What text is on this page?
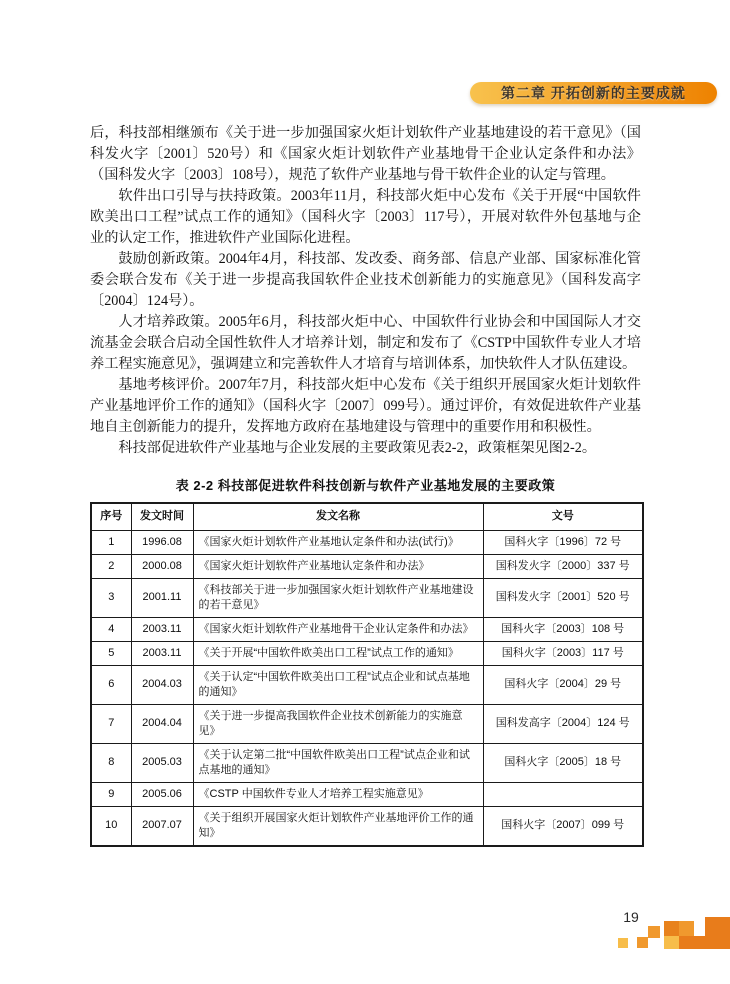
第二章 开拓创新的主要成就

后，科技部相继颁布《关于进一步加强国家火炬计划软件产业基地建设的若干意见》（国科发火字〔2001〕520号）和《国家火炬计划软件产业基地骨干企业认定条件和办法》（国科发火字〔2003〕108号），规范了软件产业基地与骨干软件企业的认定与管理。

软件出口引导与扶持政策。2003年11月，科技部火炬中心发布《关于开展“中国软件欧美出口工程”试点工作的通知》（国科火字〔2003〕117号），开展对软件外包基地与企业的认定工作，推进软件产业国际化进程。

鼓励创新政策。2004年4月，科技部、发改委、商务部、信息产业部、国家标准化管委会联合发布《关于进一步提高我国软件企业技术创新能力的实施意见》（国科发高字〔2004〕124号）。

人才培养政策。2005年6月，科技部火炬中心、中国软件行业协会和中国国际人才交流基金会联合启动全国性软件人才培养计划，制定和发布了《CSTP中国软件专业人才培养工程实施意见》，强调建立和完善软件人才培育与培训体系，加快软件人才队伍建设。

基地考核评价。2007年7月，科技部火炬中心发布《关于组织开展国家火炬计划软件产业基地评价工作的通知》（国科火字〔2007〕099号）。通过评价，有效促进软件产业基地自主创新能力的提升，发挥地方政府在基地建设与管理中的重要作用和积极性。

科技部促进软件产业基地与企业发展的主要政策见表2-2，政策框架见图2-2。

表 2-2 科技部促进软件科技创新与软件产业基地发展的主要政策
序号	发文时间	发文名称	文号
1	1996.08	《国家火炬计划软件产业基地认定条件和办法(试行)》	国科火字〔1996〕72 号
2	2000.08	《国家火炬计划软件产业基地认定条件和办法》	国科发火字〔2000〕337 号
3	2001.11	《科技部关于进一步加强国家火炬计划软件产业基地建设的若干意见》	国科发火字〔2001〕520 号
4	2003.11	《国家火炬计划软件产业基地骨干企业认定条件和办法》	国科火字〔2003〕108 号
5	2003.11	《关于开展“中国软件欧美出口工程”试点工作的通知》	国科火字〔2003〕117 号
6	2004.03	《关于认定“中国软件欧美出口工程”试点企业和试点基地的通知》	国科火字〔2004〕29 号
7	2004.04	《关于进一步提高我国软件企业技术创新能力的实施意见》	国科发高字〔2004〕124 号
8	2005.03	《关于认定第二批“中国软件欧美出口工程”试点企业和试点基地的通知》	国科火字〔2005〕18 号
9	2005.06	《CSTP 中国软件专业人才培养工程实施意见》	
10	2007.07	《关于组织开展国家火炬计划软件产业基地评价工作的通知》	国科火字〔2007〕099 号
19
